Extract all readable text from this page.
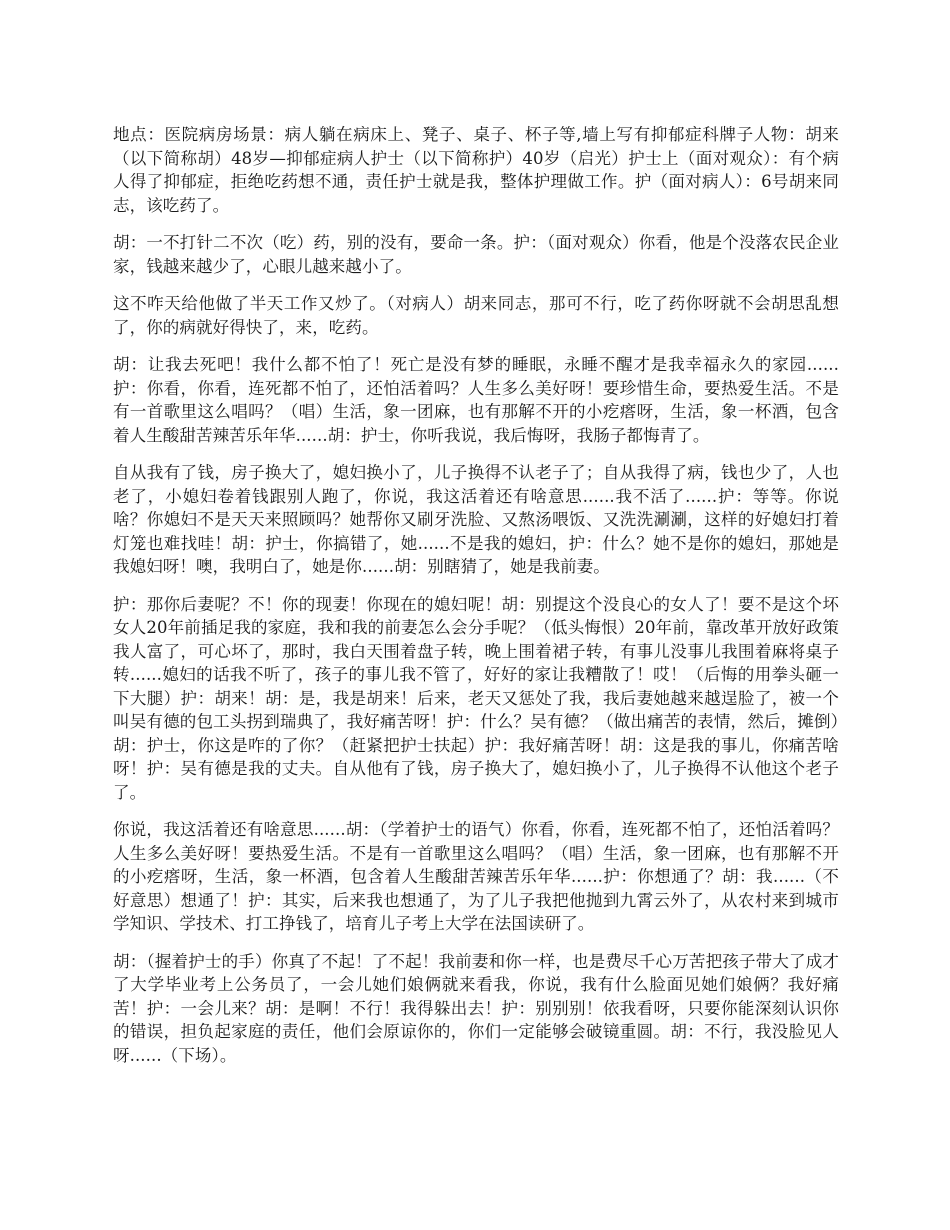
地点：医院病房场景：病人躺在病床上、凳子、桌子、杯子等,墙上写有抑郁症科牌子人物：胡来（以下简称胡）48岁—抑郁症病人护士（以下简称护）40岁（启光）护士上（面对观众）：有个病人得了抑郁症，拒绝吃药想不通，责任护士就是我，整体护理做工作。护（面对病人）：6号胡来同志，该吃药了。

胡：一不打针二不次（吃）药，别的没有，要命一条。护：（面对观众）你看，他是个没落农民企业家，钱越来越少了，心眼儿越来越小了。

这不咋天给他做了半天工作又炒了。（对病人）胡来同志，那可不行，吃了药你呀就不会胡思乱想了，你的病就好得快了，来，吃药。

胡：让我去死吧！我什么都不怕了！死亡是没有梦的睡眠，永睡不醒才是我幸福永久的家园......护：你看，你看，连死都不怕了，还怕活着吗？人生多么美好呀！要珍惜生命，要热爱生活。不是有一首歌里这么唱吗？（唱）生活，象一团麻，也有那解不开的小疙瘩呀，生活，象一杯酒，包含着人生酸甜苦辣苦乐年华......胡：护士，你听我说，我后悔呀，我肠子都悔青了。

自从我有了钱，房子换大了，媳妇换小了，儿子换得不认老子了；自从我得了病，钱也少了，人也老了，小媳妇卷着钱跟别人跑了，你说，我这活着还有啥意思......我不活了......护：等等。你说啥？你媳妇不是天天来照顾吗？她帮你又刷牙洗脸、又熬汤喂饭、又洗洗涮涮，这样的好媳妇打着灯笼也难找哇！胡：护士，你搞错了，她......不是我的媳妇，护：什么？她不是你的媳妇，那她是我媳妇呀！噢，我明白了，她是你......胡：别瞎猜了，她是我前妻。

护：那你后妻呢？不！你的现妻！你现在的媳妇呢！胡：别提这个没良心的女人了！要不是这个坏女人20年前插足我的家庭，我和我的前妻怎么会分手呢？（低头悔恨）20年前，靠改革开放好政策我人富了，可心坏了，那时，我白天围着盘子转，晚上围着裙子转，有事儿没事儿我围着麻将桌子转......媳妇的话我不听了，孩子的事儿我不管了，好好的家让我糟散了！哎！（后悔的用拳头砸一下大腿）护：胡来！胡：是，我是胡来！后来，老天又惩处了我，我后妻她越来越逞脸了，被一个叫吴有德的包工头拐到瑞典了，我好痛苦呀！护：什么？吴有德？（做出痛苦的表情，然后，摊倒）胡：护士，你这是咋的了你？（赶紧把护士扶起）护：我好痛苦呀！胡：这是我的事儿，你痛苦啥呀！护：吴有德是我的丈夫。自从他有了钱，房子换大了，媳妇换小了，儿子换得不认他这个老子了。

你说，我这活着还有啥意思......胡：（学着护士的语气）你看，你看，连死都不怕了，还怕活着吗？人生多么美好呀！要热爱生活。不是有一首歌里这么唱吗？（唱）生活，象一团麻，也有那解不开的小疙瘩呀，生活，象一杯酒，包含着人生酸甜苦辣苦乐年华......护：你想通了？胡：我......（不好意思）想通了！护：其实，后来我也想通了，为了儿子我把他抛到九霄云外了，从农村来到城市学知识、学技术、打工挣钱了，培育儿子考上大学在法国读研了。

胡：（握着护士的手）你真了不起！了不起！我前妻和你一样，也是费尽千心万苦把孩子带大了成才了大学毕业考上公务员了，一会儿她们娘俩就来看我，你说，我有什么脸面见她们娘俩？我好痛苦！护：一会儿来？胡：是啊！不行！我得躲出去！护：别别别！依我看呀，只要你能深刻认识你的错误，担负起家庭的责任，他们会原谅你的，你们一定能够会破镜重圆。胡：不行，我没脸见人呀......（下场）。
